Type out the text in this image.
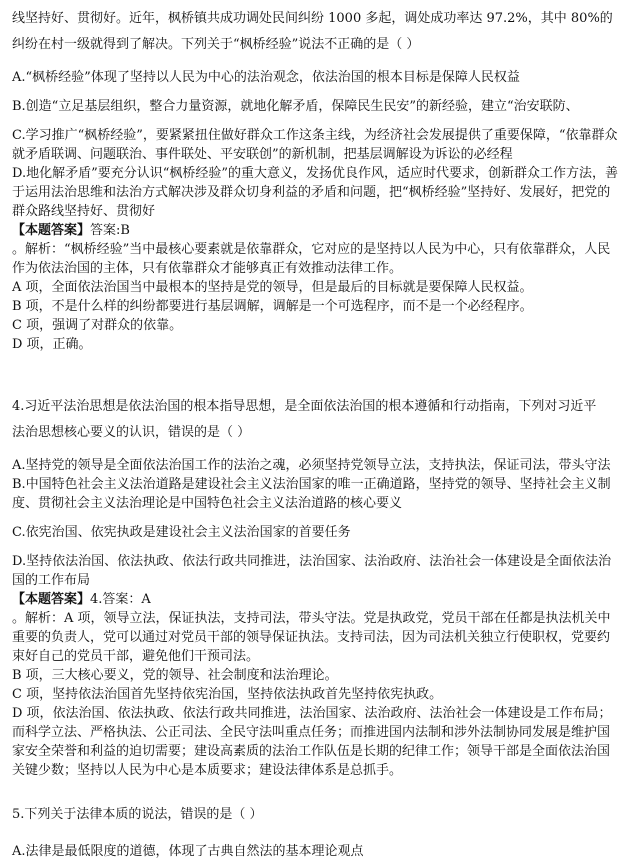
线坚持好、贯彻好。近年，枫桥镇共成功调处民间纠纷 1000 多起，调处成功率达 97.2%，其中 80%的

纠纷在村一级就得到了解决。下列关于“枫桥经验”说法不正确的是（ ）

A.“枫桥经验”体现了坚持以人民为中心的法治观念，依法治国的根本目标是保障人民权益

B.创造“立足基层组织，整合力量资源，就地化解矛盾，保障民生民安”的新经验，建立“治安联防、

C.学习推广“枫桥经验”，要紧紧扭住做好群众工作这条主线，为经济社会发展提供了重要保障，“依靠群众就矛盾联调、问题联治、事件联处、平安联创”的新机制，把基层调解设为诉讼的必经程

D.地化解矛盾”要充分认识“枫桥经验”的重大意义，发扬优良作风，适应时代要求，创新群众工作方法，善于运用法治思维和法治方式解决涉及群众切身利益的矛盾和问题，把“枫桥经验”坚持好、发展好，把党的群众路线坚持好、贯彻好

【本题答案】答案:B

。解析：“枫桥经验”当中最核心要素就是依靠群众，它对应的是坚持以人民为中心，只有依靠群众，人民作为依法治国的主体，只有依靠群众才能够真正有效推动法律工作。

A 项，全面依法治国当中最根本的坚持是党的领导，但是最后的目标就是要保障人民权益。

B 项，不是什么样的纠纷都要进行基层调解，调解是一个可选程序，而不是一个必经程序。

C 项，强调了对群众的依靠。

D 项，正确。

4.习近平法治思想是依法治国的根本指导思想，是全面依法治国的根本遵循和行动指南，下列对习近平

法治思想核心要义的认识，错误的是（ ）

A.坚持党的领导是全面依法治国工作的法治之魂，必须坚持党领导立法，支持执法，保证司法，带头守法

B.中国特色社会主义法治道路是建设社会主义法治国家的唯一正确道路，坚持党的领导、坚持社会主义制度、贯彻社会主义法治理论是中国特色社会主义法治道路的核心要义

C.依宪治国、依宪执政是建设社会主义法治国家的首要任务

D.坚持依法治国、依法执政、依法行政共同推进，法治国家、法治政府、法治社会一体建设是全面依法治国的工作布局

【本题答案】4.答案：A

。解析：A 项，领导立法，保证执法，支持司法，带头守法。党是执政党，党员干部在任都是执法机关中重要的负责人，党可以通过对党员干部的领导保证执法。支持司法，因为司法机关独立行使职权，党要约束好自己的党员干部，避免他们干预司法。

B 项，三大核心要义，党的领导、社会制度和法治理论。

C 项，坚持依法治国首先坚持依宪治国，坚持依法执政首先坚持依宪执政。

D 项，依法治国、依法执政、依法行政共同推进，法治国家、法治政府、法治社会一体建设是工作布局；而科学立法、严格执法、公正司法、全民守法叫重点任务；而推进国内法制和涉外法制协同发展是维护国家安全荣誉和利益的迫切需要；建设高素质的法治工作队伍是长期的纪律工作；领导干部是全面依法治国关键少数；坚持以人民为中心是本质要求；建设法律体系是总抓手。

5.下列关于法律本质的说法，错误的是（ ）

A.法律是最低限度的道德，体现了古典自然法的基本理论观点
